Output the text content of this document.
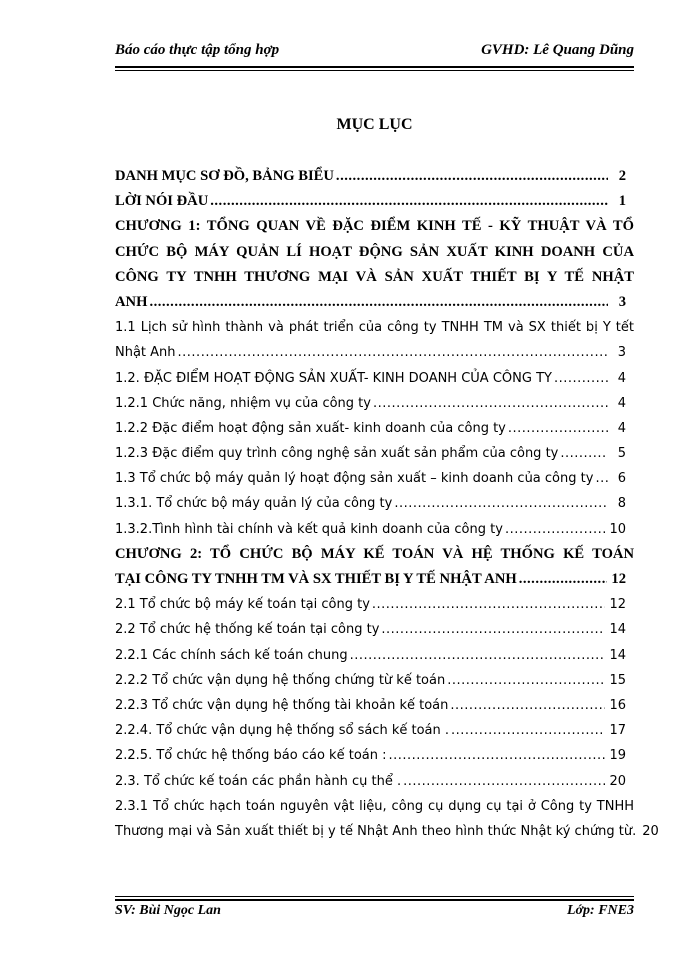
Báo cáo thực tập tổng hợp	GVHD: Lê Quang Dũng
MỤC LỤC
DANH MỤC SƠ ĐỒ, BẢNG BIỂU .....	2
LỜI NÓI ĐẦU .....	1
CHƯƠNG 1: TỔNG QUAN VỀ ĐẶC ĐIỂM KINH TẾ - KỸ THUẬT VÀ TỔ
CHỨC BỘ MÁY QUẢN LÍ HOẠT ĐỘNG SẢN XUẤT KINH DOANH CỦA
CÔNG TY TNHH THƯƠNG MẠI VÀ SẢN XUẤT THIẾT BỊ Y TẾ NHẬT
ANH .....	3
1.1 Lịch sử hình thành và phát triển của công ty TNHH TM và SX thiết bị Y tết
Nhật Anh .....	3
1.2. ĐẶC ĐIỂM HOẠT ĐỘNG SẢN XUẤT- KINH DOANH CỦA CÔNG TY .....	4
1.2.1 Chức năng, nhiệm vụ của công ty .....	4
1.2.2 Đặc điểm hoạt động sản xuất- kinh doanh của công ty .....	4
1.2.3 Đặc điểm quy trình công nghệ sản xuất sản phẩm của công ty .....	5
1.3 Tổ chức bộ máy quản lý hoạt động sản xuất – kinh doanh của công ty .....	6
1.3.1. Tổ chức bộ máy quản lý của công ty .....	8
1.3.2.Tình hình tài chính và kết quả kinh doanh của công ty .....	10
CHƯƠNG 2: TỔ CHỨC BỘ MÁY KẾ TOÁN VÀ HỆ THỐNG KẾ TOÁN
TẠI CÔNG TY TNHH TM VÀ SX THIẾT BỊ Y TẾ NHẬT ANH .....	12
2.1 Tổ chức bộ máy kế toán tại công ty .....	12
2.2 Tổ chức hệ thống kế toán tại công ty .....	14
2.2.1 Các chính sách kế toán chung .....	14
2.2.2 Tổ chức vận dụng hệ thống chứng từ kế toán .....	15
2.2.3 Tổ chức vận dụng hệ thống tài khoản kế toán .....	16
2.2.4. Tổ chức vận dụng hệ thống sổ sách kế toán . .....	17
2.2.5. Tổ chức hệ thống báo cáo kế toán : .....	19
2.3. Tổ chức kế toán các phần hành cụ thể . .....	20
2.3.1 Tổ chức hạch toán nguyên vật liệu, công cụ dụng cụ tại ở Công ty TNHH
Thương mại và Sản xuất thiết bị y tế Nhật Anh theo hình thức Nhật ký chứng từ. 20
SV: Bùi Ngọc Lan	Lớp: FNE3
